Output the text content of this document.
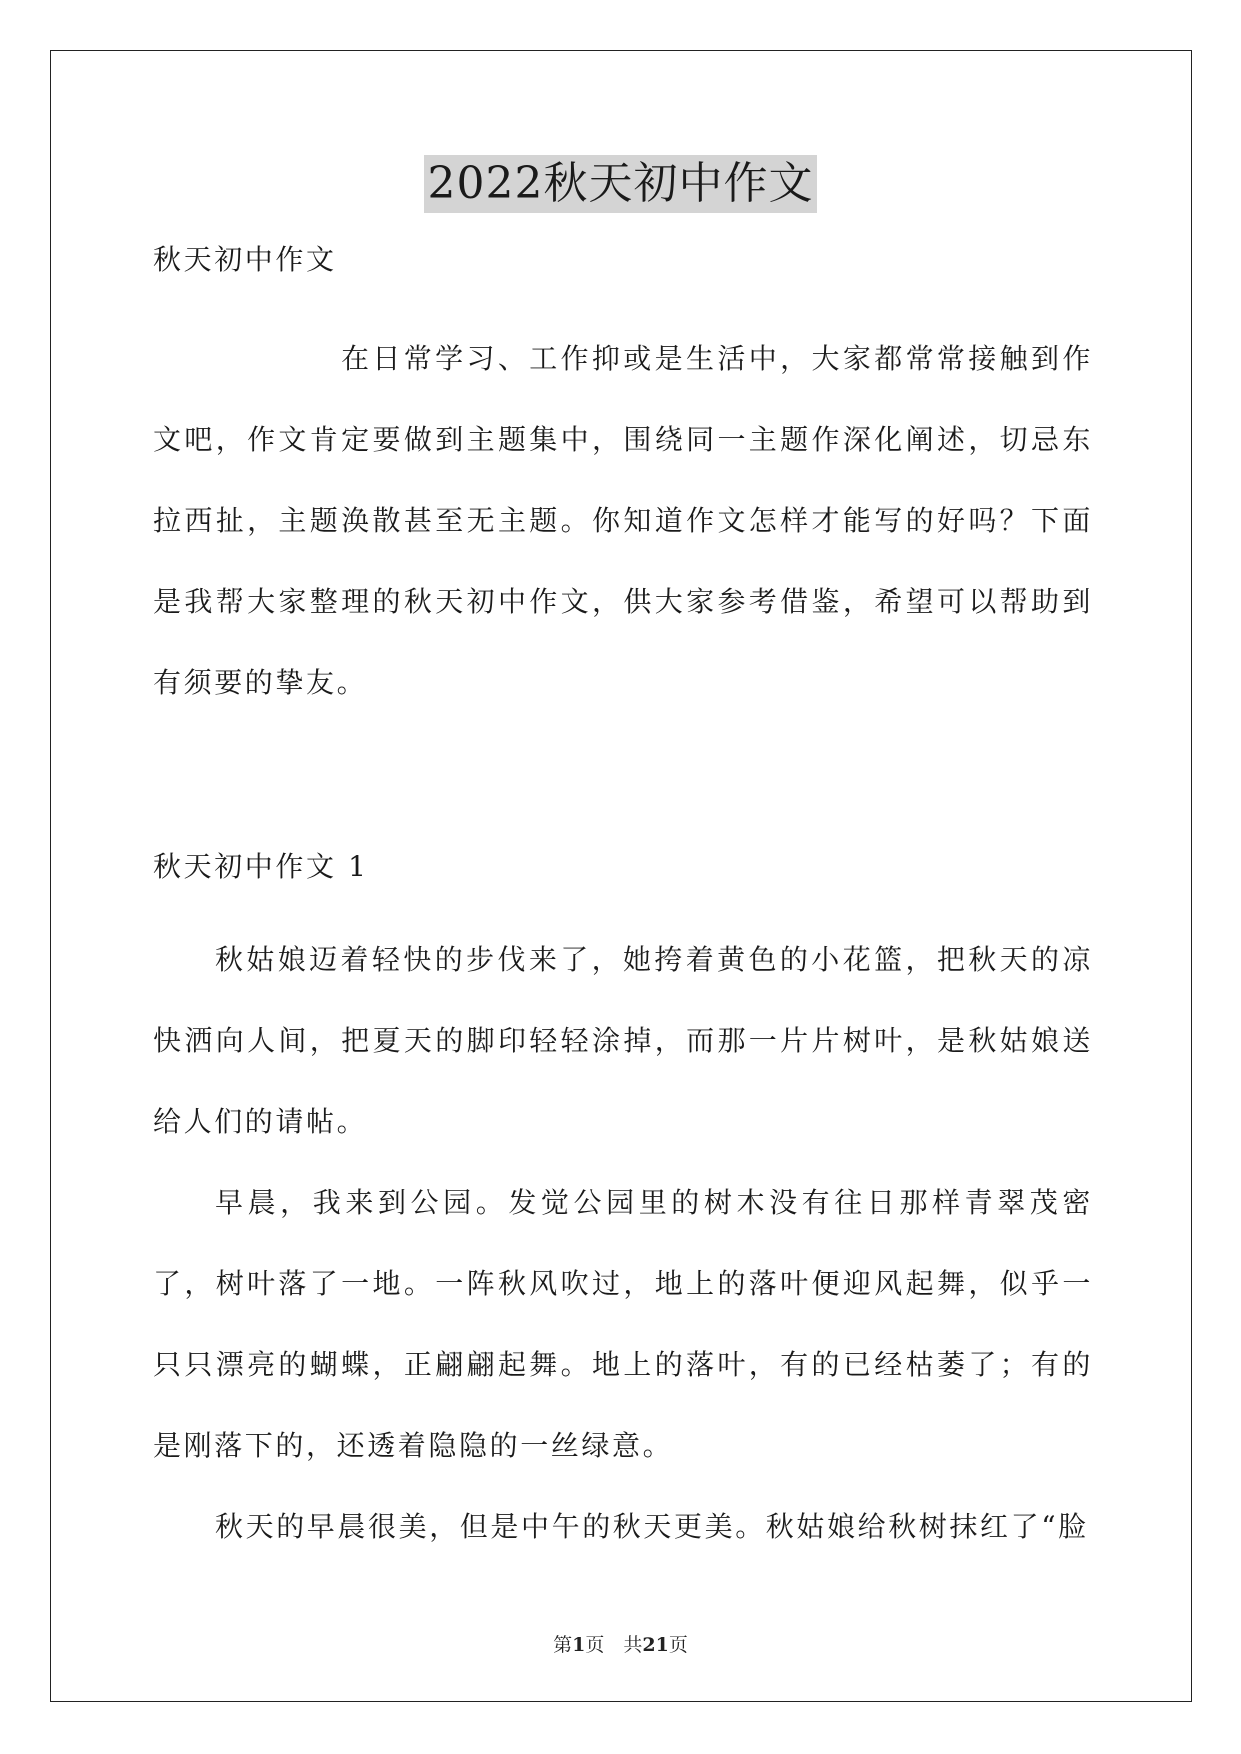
2022秋天初中作文

秋天初中作文

在日常学习、工作抑或是生活中，大家都常常接触到作文吧，作文肯定要做到主题集中，围绕同一主题作深化阐述，切忌东拉西扯，主题涣散甚至无主题。你知道作文怎样才能写的好吗？下面是我帮大家整理的秋天初中作文，供大家参考借鉴，希望可以帮助到有须要的挚友。

秋天初中作文 1

秋姑娘迈着轻快的步伐来了，她挎着黄色的小花篮，把秋天的凉快洒向人间，把夏天的脚印轻轻涂掉，而那一片片树叶，是秋姑娘送给人们的请帖。

早晨，我来到公园。发觉公园里的树木没有往日那样青翠茂密了，树叶落了一地。一阵秋风吹过，地上的落叶便迎风起舞，似乎一只只漂亮的蝴蝶，正翩翩起舞。地上的落叶，有的已经枯萎了；有的是刚落下的，还透着隐隐的一丝绿意。

秋天的早晨很美，但是中午的秋天更美。秋姑娘给秋树抹红了“脸

第1页　共21页
